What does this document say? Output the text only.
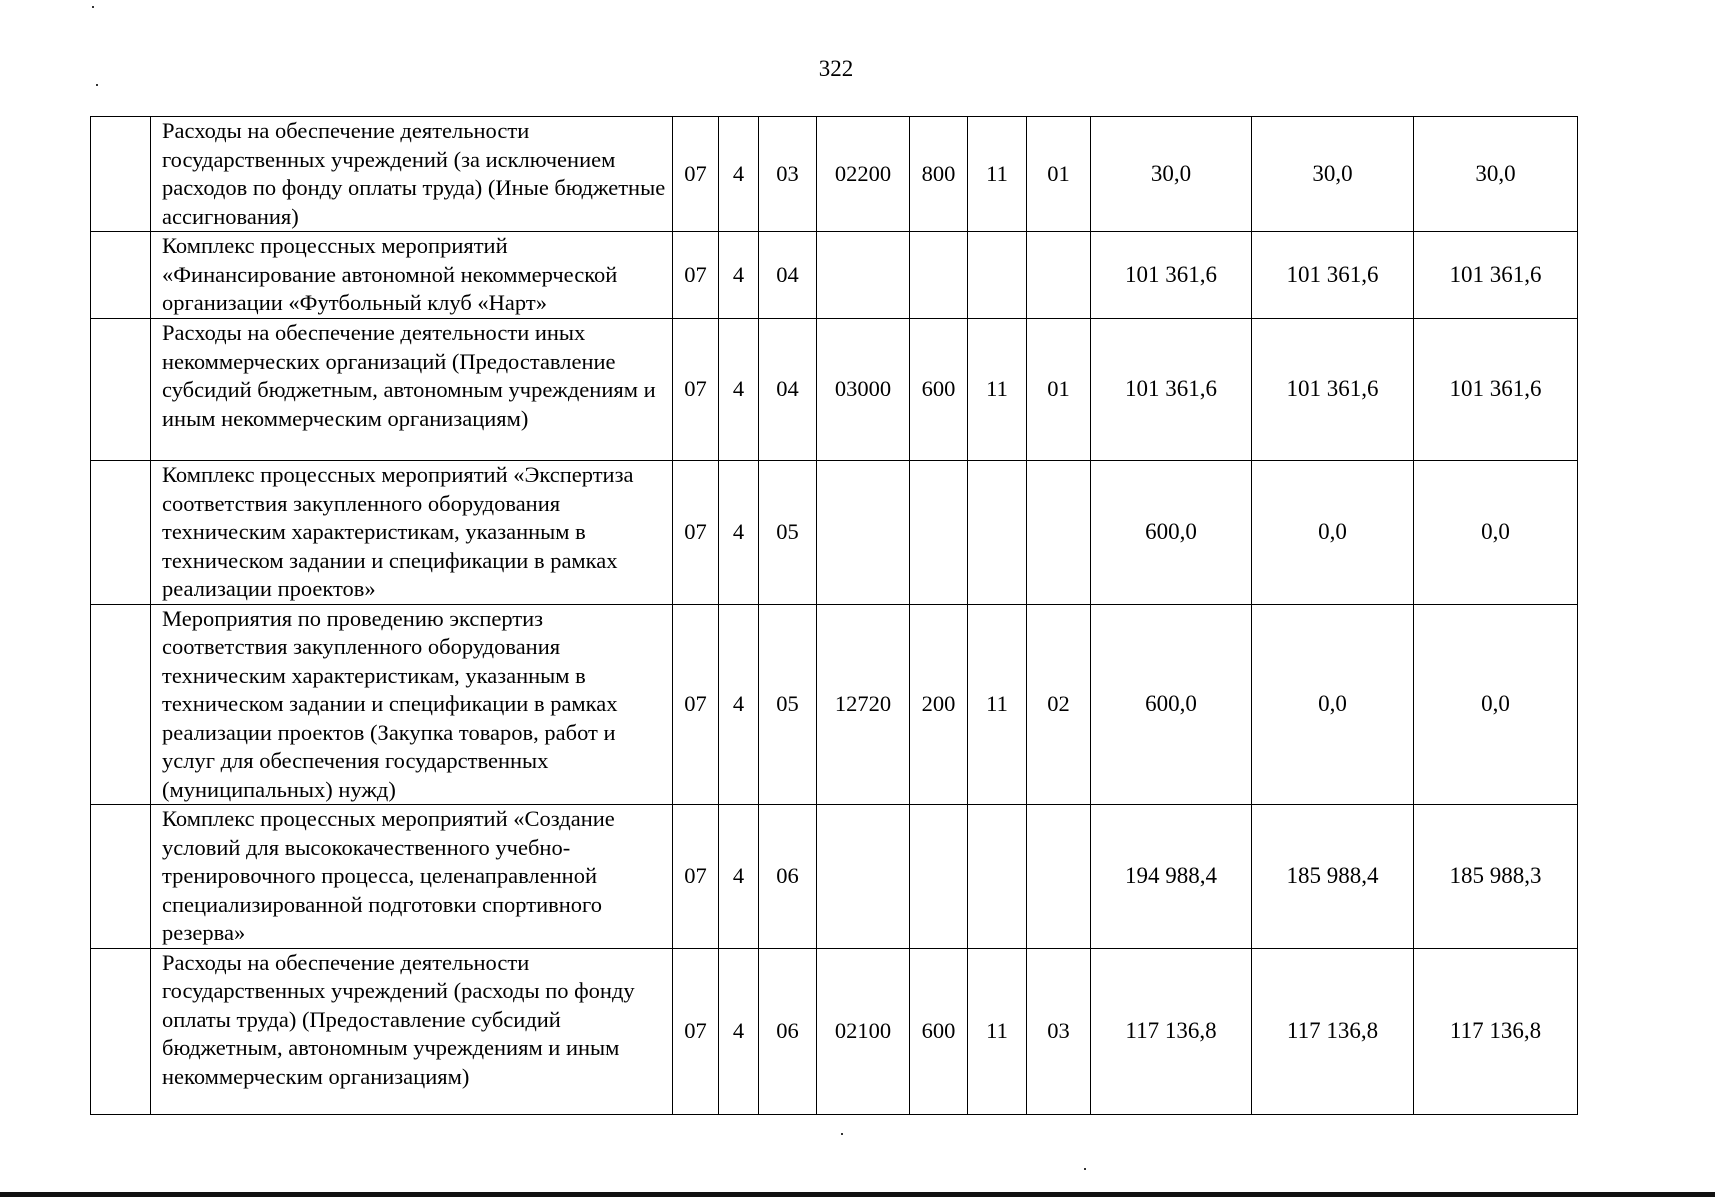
322
	Расходы на обеспечение деятельности государственных учреждений (за исключением расходов по фонду оплаты труда) (Иные бюджетные ассигнования)	07	4	03	02200	800	11	01	30,0	30,0	30,0
	Комплекс процессных мероприятий «Финансирование автономной некоммерческой организации «Футбольный клуб «Нарт»	07	4	04					101 361,6	101 361,6	101 361,6
	Расходы на обеспечение деятельности иных некоммерческих организаций (Предоставление субсидий бюджетным, автономным учреждениям и иным некоммерческим организациям)	07	4	04	03000	600	11	01	101 361,6	101 361,6	101 361,6
	Комплекс процессных мероприятий «Экспертиза соответствия закупленного оборудования техническим характеристикам, указанным в техническом задании и спецификации в рамках реализации проектов»	07	4	05					600,0	0,0	0,0
	Мероприятия по проведению экспертиз соответствия закупленного оборудования техническим характеристикам, указанным в техническом задании и спецификации в рамках реализации проектов (Закупка товаров, работ и услуг для обеспечения государственных (муниципальных) нужд)	07	4	05	12720	200	11	02	600,0	0,0	0,0
	Комплекс процессных мероприятий «Создание условий для высококачественного учебно-тренировочного процесса, целенаправленной специализированной подготовки спортивного резерва»	07	4	06					194 988,4	185 988,4	185 988,3
	Расходы на обеспечение деятельности государственных учреждений (расходы по фонду оплаты труда) (Предоставление субсидий бюджетным, автономным учреждениям и иным некоммерческим организациям)	07	4	06	02100	600	11	03	117 136,8	117 136,8	117 136,8
